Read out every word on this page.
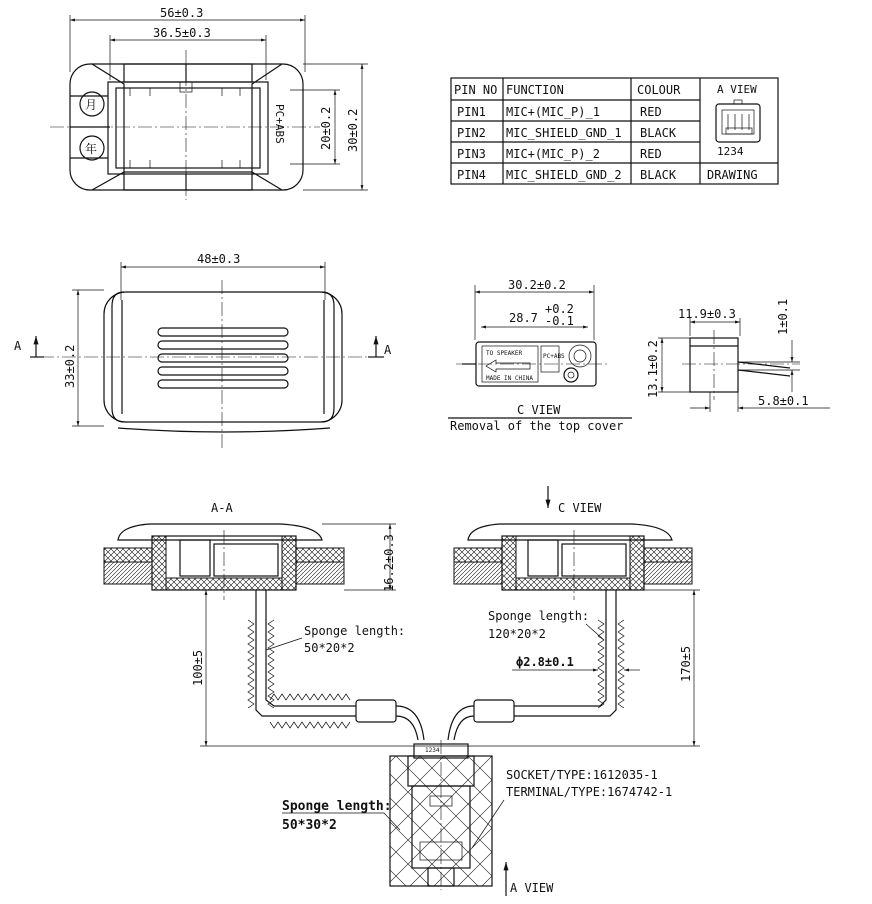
56±0.3
36.5±0.3
月
年
PC+ABS	20±0.2 30±0.2
PIN NO FUNCTION	COLOUR	A VIEW
PIN1 MIC+(MIC_P)_1	RED
PIN2 MIC_SHIELD_GND_1 BLACK
PIN3 MIC+(MIC_P)_2	RED
PIN4 MIC_SHIELD_GND_2 BLACK
1234
DRAWING
48±0.3
33±0.2
A	A
30.2±0.2
+0.2
28.7 -0.1
TO SPEAKER
MADE IN CHINA
PC+ABS
C VIEW
Removal of the top cover
11.9±0.3
13.1±0.2
1±0.1
5.8±0.1
A-A	C VIEW
16.2±0.3
100±5	170±5
Sponge length:
50*20*2
Sponge length:
120*20*2
ϕ2.8±0.1
1234
SOCKET/TYPE:1612035-1
TERMINAL/TYPE:1674742-1
Sponge length:
50*30*2
A VIEW
